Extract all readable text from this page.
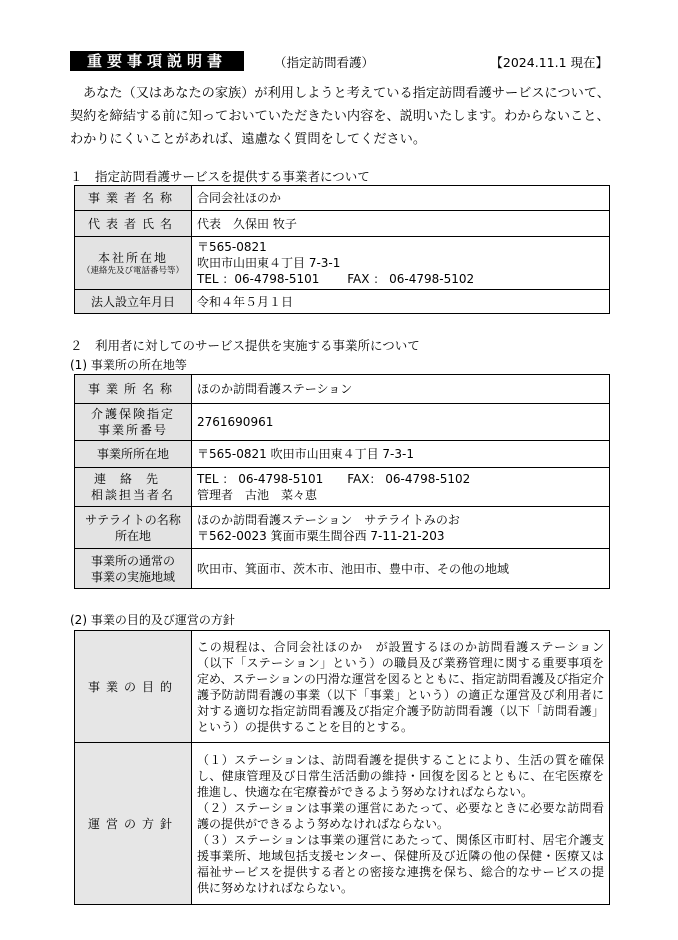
重要事項説明書	（指定訪問看護）	【2024.11.1 現在】

あなた（又はあなたの家族）が利用しようと考えている指定訪問看護サービスについて、契約を締結する前に知っておいていただきたい内容を、説明いたします。わからないこと、わかりにくいことがあれば、遠慮なく質問をしてください。

１　指定訪問看護サービスを提供する事業者について
事業者名称	合同会社ほのか
代表者氏名	代表　久保田 牧子

本社所在地
（連絡先及び電話番号等）	〒565-0821
吹田市山田東４丁目 7-3-1
TEL ：06-4798-5101　　 FAX ： 06-4798-5102

法人設立年月日	令和４年５月１日
２　利用者に対してのサービス提供を実施する事業所について
(1) 事業所の所在地等
事業所名称	ほのか訪問看護ステーション

介護保険指定
事業所番号	2761690961
事業所所在地	〒565-0821 吹田市山田東４丁目 7-3-1

連絡先
相談担当者名	TEL ： 06-4798-5101　　FAX： 06-4798-5102
管理者　古池　菜々恵

サテライトの名称
所在地	ほのか訪問看護ステーション　サテライトみのお
〒562-0023 箕面市粟生間谷西 7-11-21-203

事業所の通常の
事業の実施地域	吹田市、箕面市、茨木市、池田市、豊中市、その他の地域
(2) 事業の目的及び運営の方針
事業の目的	この規程は、合同会社ほのか　が設置するほのか訪問看護ステーション（以下「ステーション」という）の職員及び業務管理に関する重要事項を定め、ステーションの円滑な運営を図るとともに、指定訪問看護及び指定介護予防訪問看護の事業（以下「事業」という）の適正な運営及び利用者に対する適切な指定訪問看護及び指定介護予防訪問看護（以下「訪問看護」という）の提供することを目的とする。
運営の方針	（１）ステーションは、訪問看護を提供することにより、生活の質を確保し、健康管理及び日常生活活動の維持・回復を図るとともに、在宅医療を推進し、快適な在宅療養ができるよう努めなければならない。
（２）ステーションは事業の運営にあたって、必要なときに必要な訪問看護の提供ができるよう努めなければならない。
（３）ステーションは事業の運営にあたって、関係区市町村、居宅介護支援事業所、地域包括支援センター、保健所及び近隣の他の保健・医療又は福祉サービスを提供する者との密接な連携を保ち、総合的なサービスの提供に努めなければならない。
